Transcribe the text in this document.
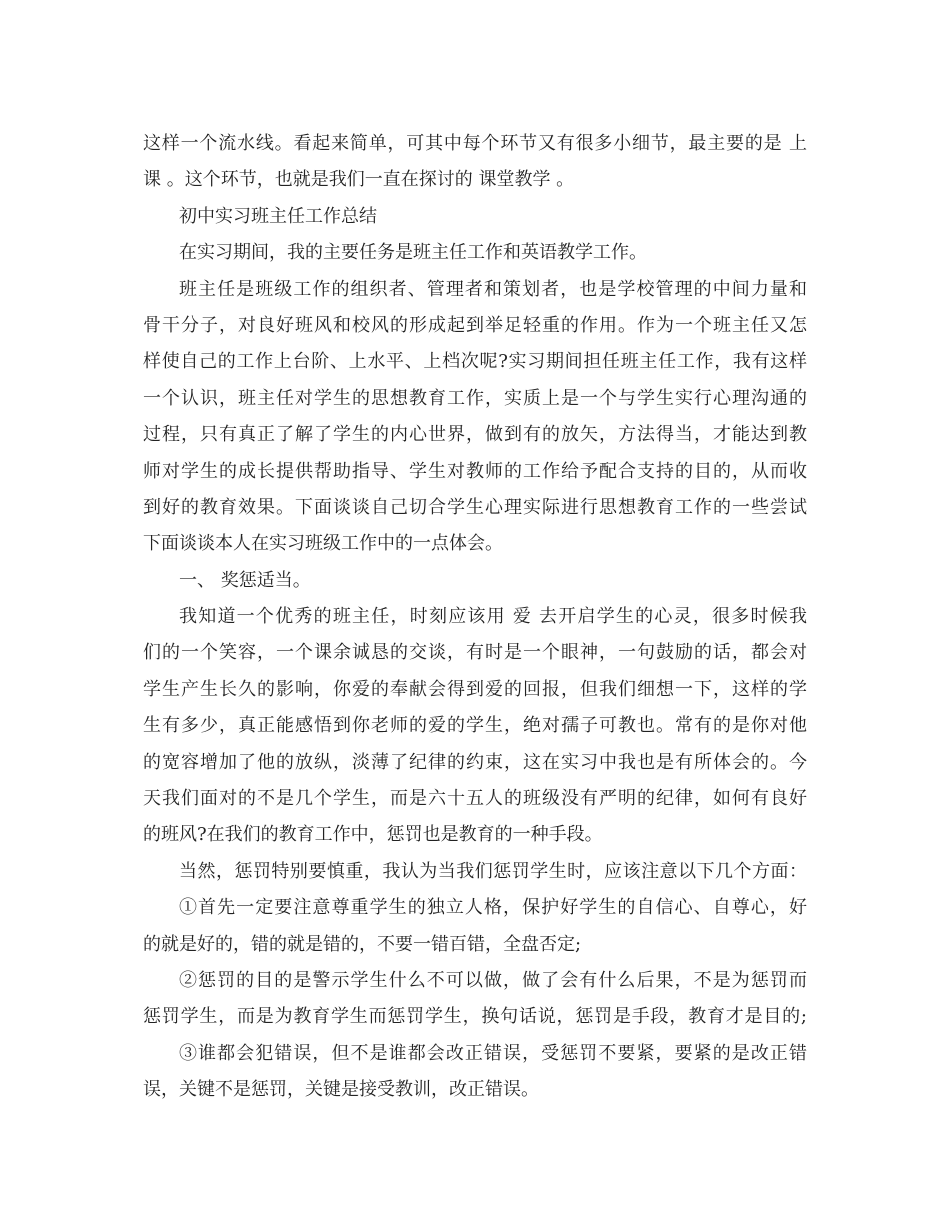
这样一个流水线。看起来简单，可其中每个环节又有很多小细节，最主要的是 上
课 。这个环节，也就是我们一直在探讨的 课堂教学 。
初中实习班主任工作总结
在实习期间，我的主要任务是班主任工作和英语教学工作。
班主任是班级工作的组织者、管理者和策划者，也是学校管理的中间力量和
骨干分子，对良好班风和校风的形成起到举足轻重的作用。作为一个班主任又怎
样使自己的工作上台阶、上水平、上档次呢?实习期间担任班主任工作，我有这样
一个认识，班主任对学生的思想教育工作，实质上是一个与学生实行心理沟通的
过程，只有真正了解了学生的内心世界，做到有的放矢，方法得当，才能达到教
师对学生的成长提供帮助指导、学生对教师的工作给予配合支持的目的，从而收
到好的教育效果。下面谈谈自己切合学生心理实际进行思想教育工作的一些尝试
下面谈谈本人在实习班级工作中的一点体会。
一、 奖惩适当。
我知道一个优秀的班主任，时刻应该用 爱 去开启学生的心灵，很多时候我
们的一个笑容，一个课余诚恳的交谈，有时是一个眼神，一句鼓励的话，都会对
学生产生长久的影响，你爱的奉献会得到爱的回报，但我们细想一下，这样的学
生有多少，真正能感悟到你老师的爱的学生，绝对孺子可教也。常有的是你对他
的宽容增加了他的放纵，淡薄了纪律的约束，这在实习中我也是有所体会的。今
天我们面对的不是几个学生，而是六十五人的班级没有严明的纪律，如何有良好
的班风?在我们的教育工作中，惩罚也是教育的一种手段。
当然，惩罚特别要慎重，我认为当我们惩罚学生时，应该注意以下几个方面：
①首先一定要注意尊重学生的独立人格，保护好学生的自信心、自尊心，好
的就是好的，错的就是错的，不要一错百错，全盘否定;
②惩罚的目的是警示学生什么不可以做，做了会有什么后果，不是为惩罚而
惩罚学生，而是为教育学生而惩罚学生，换句话说，惩罚是手段，教育才是目的;
③谁都会犯错误，但不是谁都会改正错误，受惩罚不要紧，要紧的是改正错
误，关键不是惩罚，关键是接受教训，改正错误。
